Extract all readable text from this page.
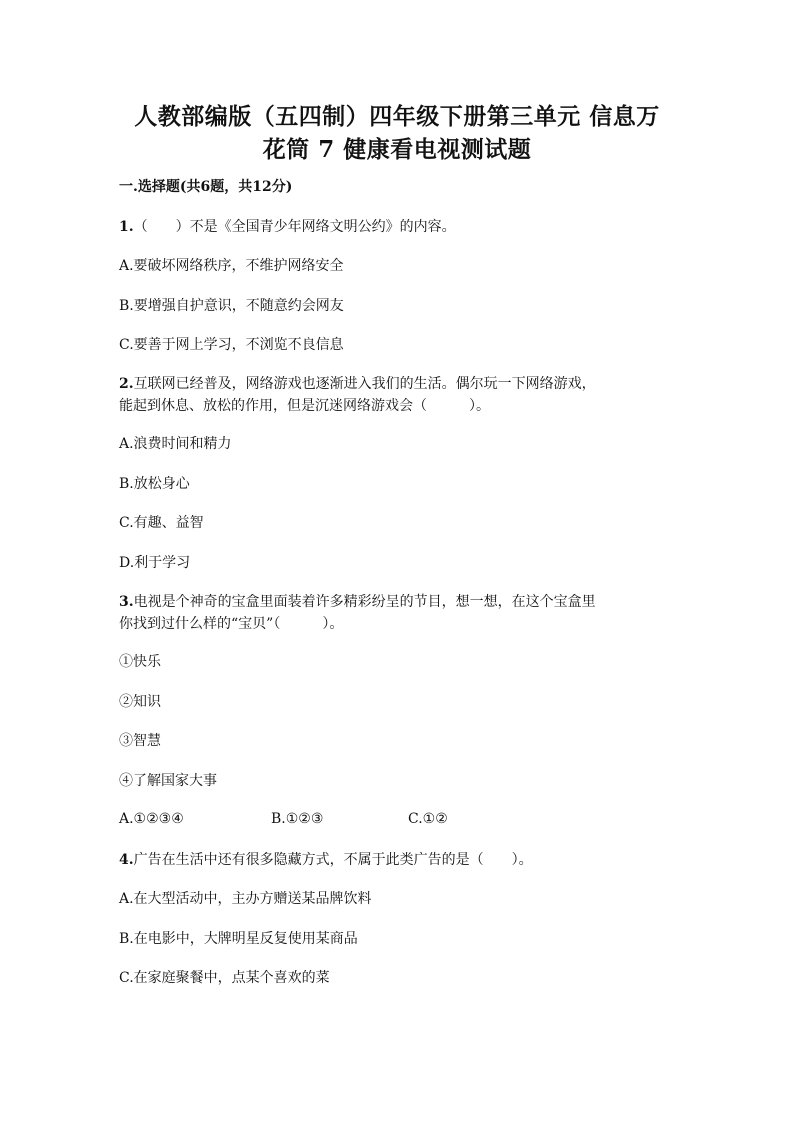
人教部编版（五四制）四年级下册第三单元 信息万
花筒 7 健康看电视测试题
一.选择题(共6题，共12分)
1.（　　）不是《全国青少年网络文明公约》的内容。
A.要破坏网络秩序，不维护网络安全
B.要增强自护意识，不随意约会网友
C.要善于网上学习，不浏览不良信息
2.互联网已经普及，网络游戏也逐渐进入我们的生活。偶尔玩一下网络游戏，
能起到休息、放松的作用，但是沉迷网络游戏会（　　　）。
A.浪费时间和精力
B.放松身心
C.有趣、益智
D.利于学习
3.电视是个神奇的宝盒里面装着许多精彩纷呈的节目，想一想，在这个宝盒里
你找到过什么样的“宝贝”（　　　）。
①快乐
②知识
③智慧
④了解国家大事
A.①②③④	B.①②③	C.①②
4.广告在生活中还有很多隐藏方式，不属于此类广告的是（　　）。
A.在大型活动中，主办方赠送某品牌饮料
B.在电影中，大牌明星反复使用某商品
C.在家庭聚餐中，点某个喜欢的菜
